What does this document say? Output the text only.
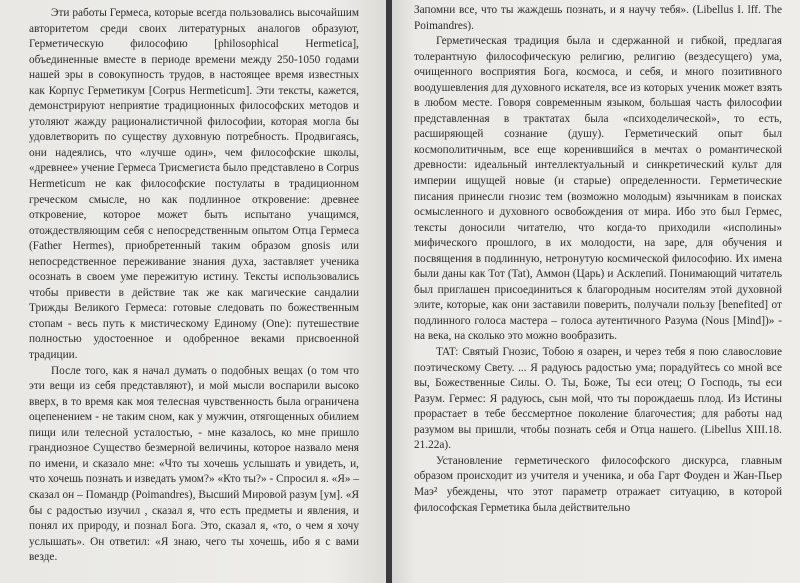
Эти работы Гермеса, которые всегда пользовались высочайшим авторитетом среди своих литературных аналогов образуют, Герметическую философию [philosophical Hermetica], объединенные вместе в периоде времени между 250-1050 годами нашей эры в совокупность трудов, в настоящее время известных как Корпус Герметикум [Corpus Hermeticum]. Эти тексты, кажется, демонстрируют неприятие традиционных философских методов и утоляют жажду рационалистичной философии, которая могла бы удовлетворить по существу духовную потребность. Продвигаясь, они надеялись, что «лучше один», чем философские школы, «древнее» учение Гермеса Трисмегиста было представлено в Corpus Hermeticum не как философские постулаты в традиционном греческом смысле, но как подлинное откровение: древнее откровение, которое может быть испытано учащимся, отождествляющим себя с непосредственным опытом Отца Гермеса (Father Hermes), приобретенный таким образом gnosis или непосредственное переживание знания духа, заставляет ученика осознать в своем уме пережитую истину. Тексты использовались чтобы привести в действие так же как магические сандалии Трижды Великого Гермеса: готовые следовать по божественным стопам - весь путь к мистическому Единому (One): путешествие полностью удостоенное и одобренное веками присвоенной традиции.

После того, как я начал думать о подобных вещах (о том что эти вещи из себя представляют), и мой мысли воспарили высоко вверх, в то время как моя телесная чувственность была ограничена оцепенением - не таким сном, как у мужчин, отягощенных обилием пищи или телесной усталостью, - мне казалось, ко мне пришло грандиозное Существо безмерной величины, которое назвало меня по имени, и сказало мне: «Что ты хочешь услышать и увидеть, и, что хочешь познать и изведать умом?» «Кто ты?» - Спросил я. «Я» – сказал он – Помандр (Poimandres), Высший Мировой разум [ум]. «Я бы с радостью изучил , сказал я, что есть предметы и явления, и понял их природу, и познал Бога. Это, сказал я, «то, о чем я хочу услышать». Он ответил: «Я знаю, чего ты хочешь, ибо я с вами везде.

Запомни все, что ты жаждешь познать, и я научу тебя». (Libellus I. lff. The Poimandres).

Герметическая традиция была и сдержанной и гибкой, предлагая толерантную философическую религию, религию (вездесущего) ума, очищенного восприятия Бога, космоса, и себя, и много позитивного воодушевления для духовного искателя, все из которых ученик может взять в любом месте. Говоря современным языком, большая часть философии представленная в трактатах была «психоделической», то есть, расширяющей сознание (душу). Герметический опыт был космополитичным, все еще коренившийся в мечтах о романтической древности: идеальный интеллектуальный и синкретический культ для империи ищущей новые (и старые) определенности. Герметические писания принесли гнозис тем (возможно молодым) язычникам в поисках осмысленного и духовного освобождения от мира. Ибо это был Гермес, тексты доносили читателю, что когда-то приходили «исполины» мифического прошлого, в их молодости, на заре, для обучения и посвящения в подлинную, нетронутую космической философию. Их имена были даны как Тот (Tat), Аммон (Царь) и Асклепий. Понимающий читатель был приглашен присоединиться к благородным носителям этой духовной элите, которые, как они заставили поверить, получали пользу [benefited] от подлинного голоса мастера – голоса аутентичного Разума (Nous [Mind])» - на века, на сколько это можно вообразить.

TAT: Святый Гнозис, Тобою я озарен, и через тебя я пою славословие поэтическому Свету. ... Я радуюсь радостью ума; порадуйтесь со мной все вы, Божественные Силы. О. Ты, Боже, Ты еси отец; О Господь, ты еси Разум. Гермес: Я радуюсь, сын мой, что ты порождаешь плод. Из Истины прорастает в тебе бессмертное поколение благочестия; для работы над разумом вы пришли, чтобы познать себя и Отца нашего. (Libellus XIII.18. 21.22a).

Установление герметического философского дискурса, главным образом происходит из учителя и ученика, и оба Гарт Фоуден и Жан-Пьер Маэ² убеждены, что этот параметр отражает ситуацию, в которой философская Герметика была действительно
